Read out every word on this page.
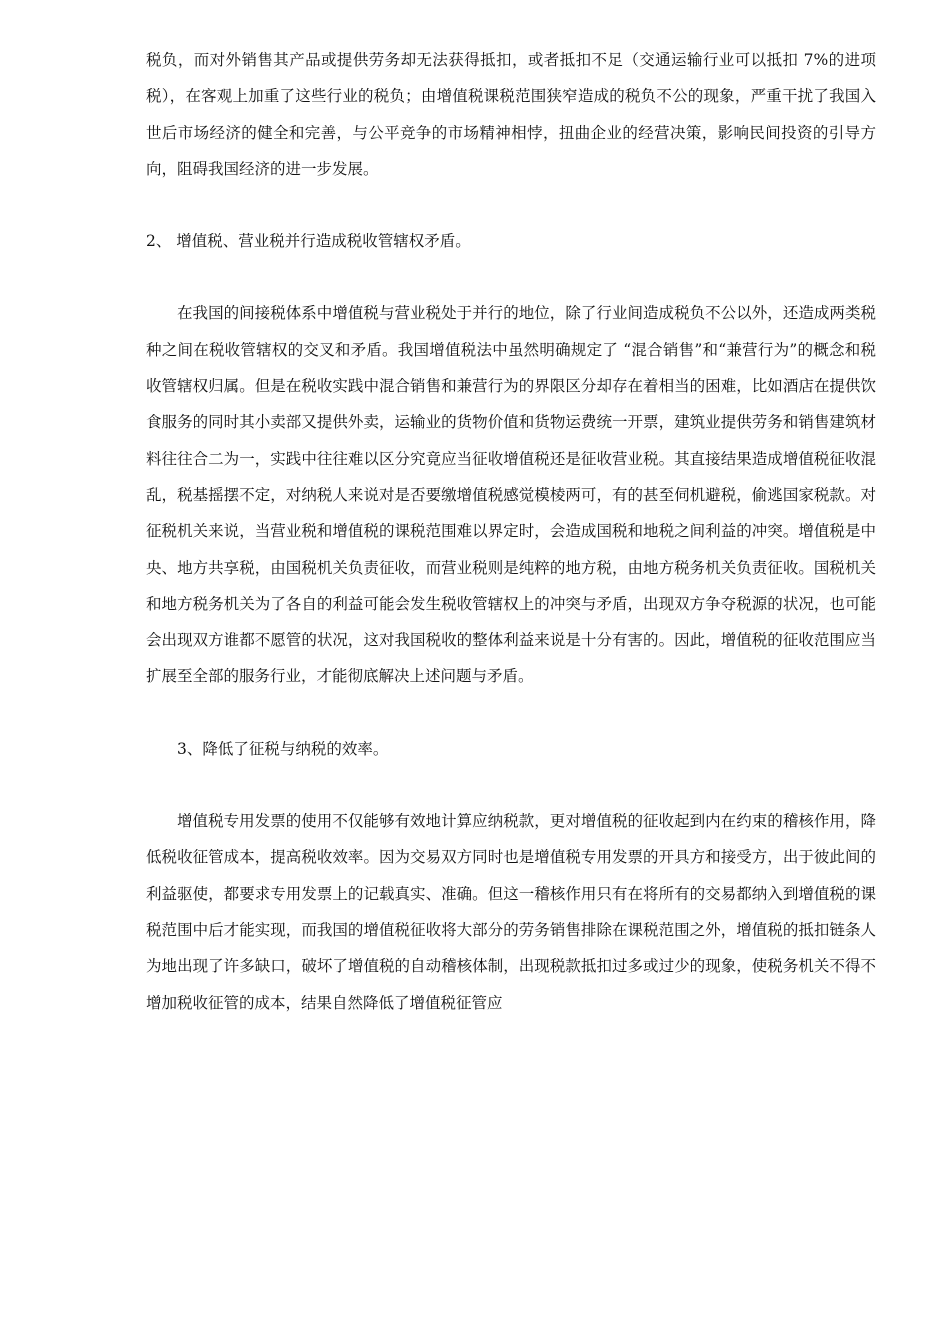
税负，而对外销售其产品或提供劳务却无法获得抵扣，或者抵扣不足（交通运输行业可以抵扣 7%的进项税），在客观上加重了这些行业的税负；由增值税课税范围狭窄造成的税负不公的现象，严重干扰了我国入世后市场经济的健全和完善，与公平竞争的市场精神相悖，扭曲企业的经营决策，影响民间投资的引导方向，阻碍我国经济的进一步发展。

2、 增值税、营业税并行造成税收管辖权矛盾。

在我国的间接税体系中增值税与营业税处于并行的地位，除了行业间造成税负不公以外，还造成两类税种之间在税收管辖权的交叉和矛盾。我国增值税法中虽然明确规定了 “混合销售”和“兼营行为”的概念和税收管辖权归属。但是在税收实践中混合销售和兼营行为的界限区分却存在着相当的困难，比如酒店在提供饮食服务的同时其小卖部又提供外卖，运输业的货物价值和货物运费统一开票，建筑业提供劳务和销售建筑材料往往合二为一，实践中往往难以区分究竟应当征收增值税还是征收营业税。其直接结果造成增值税征收混乱，税基摇摆不定，对纳税人来说对是否要缴增值税感觉模棱两可，有的甚至伺机避税，偷逃国家税款。对征税机关来说，当营业税和增值税的课税范围难以界定时，会造成国税和地税之间利益的冲突。增值税是中央、地方共享税，由国税机关负责征收，而营业税则是纯粹的地方税，由地方税务机关负责征收。国税机关和地方税务机关为了各自的利益可能会发生税收管辖权上的冲突与矛盾，出现双方争夺税源的状况，也可能会出现双方谁都不愿管的状况，这对我国税收的整体利益来说是十分有害的。因此，增值税的征收范围应当扩展至全部的服务行业，才能彻底解决上述问题与矛盾。

3、降低了征税与纳税的效率。

增值税专用发票的使用不仅能够有效地计算应纳税款，更对增值税的征收起到内在约束的稽核作用，降低税收征管成本，提高税收效率。因为交易双方同时也是增值税专用发票的开具方和接受方，出于彼此间的利益驱使，都要求专用发票上的记载真实、准确。但这一稽核作用只有在将所有的交易都纳入到增值税的课税范围中后才能实现，而我国的增值税征收将大部分的劳务销售排除在课税范围之外，增值税的抵扣链条人为地出现了许多缺口，破坏了增值税的自动稽核体制，出现税款抵扣过多或过少的现象，使税务机关不得不增加税收征管的成本，结果自然降低了增值税征管应
